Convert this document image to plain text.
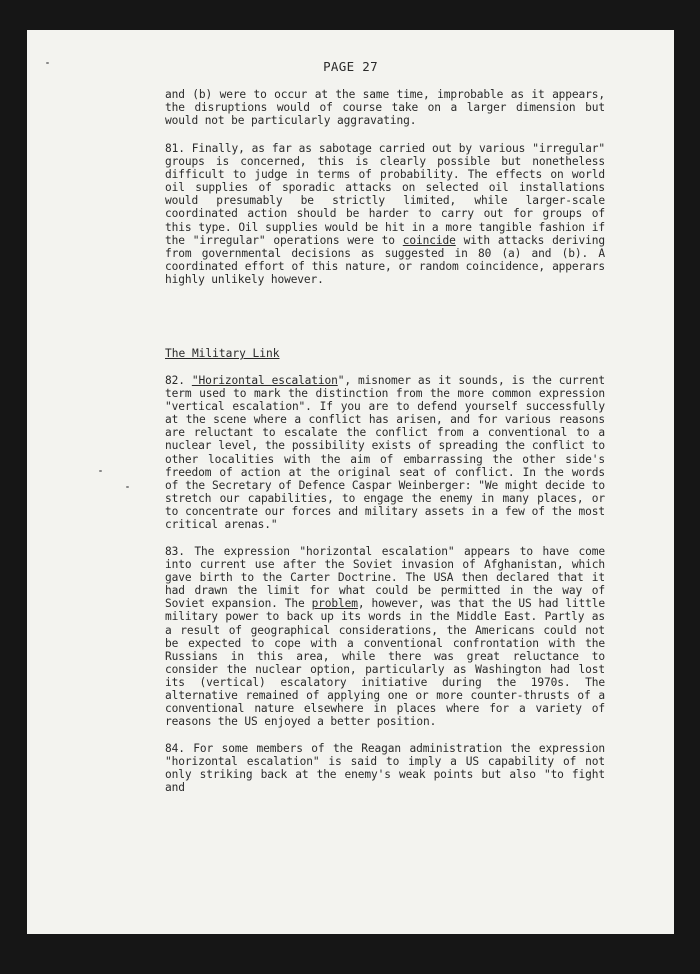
PAGE 27

and (b) were to occur at the same time, improbable as it appears, the disruptions would of course take on a larger dimension but would not be particularly aggravating.

81. Finally, as far as sabotage carried out by various "irregular" groups is concerned, this is clearly possible but nonetheless difficult to judge in terms of probability. The effects on world oil supplies of sporadic attacks on selected oil installations would presumably be strictly limited, while larger-scale coordinated action should be harder to carry out for groups of this type. Oil supplies would be hit in a more tangible fashion if the "irregular" operations were to coincide with attacks deriving from governmental decisions as suggested in 80 (a) and (b). A coordinated effort of this nature, or random coincidence, apperars highly unlikely however.

The Military Link

82. "Horizontal escalation", misnomer as it sounds, is the current term used to mark the distinction from the more common expression "vertical escalation". If you are to defend yourself successfully at the scene where a conflict has arisen, and for various reasons are reluctant to escalate the conflict from a conventional to a nuclear level, the possibility exists of spreading the conflict to other localities with the aim of embarrassing the other side's freedom of action at the original seat of conflict. In the words of the Secretary of Defence Caspar Weinberger: "We might decide to stretch our capabilities, to engage the enemy in many places, or to concentrate our forces and military assets in a few of the most critical arenas."

83. The expression "horizontal escalation" appears to have come into current use after the Soviet invasion of Afghanistan, which gave birth to the Carter Doctrine. The USA then declared that it had drawn the limit for what could be permitted in the way of Soviet expansion. The problem, however, was that the US had little military power to back up its words in the Middle East. Partly as a result of geographical considerations, the Americans could not be expected to cope with a conventional confrontation with the Russians in this area, while there was great reluctance to consider the nuclear option, particularly as Washington had lost its (vertical) escalatory initiative during the 1970s. The alternative remained of applying one or more counter-thrusts of a conventional nature elsewhere in places where for a variety of reasons the US enjoyed a better position.

84. For some members of the Reagan administration the expression "horizontal escalation" is said to imply a US capability of not only striking back at the enemy's weak points but also "to fight and
